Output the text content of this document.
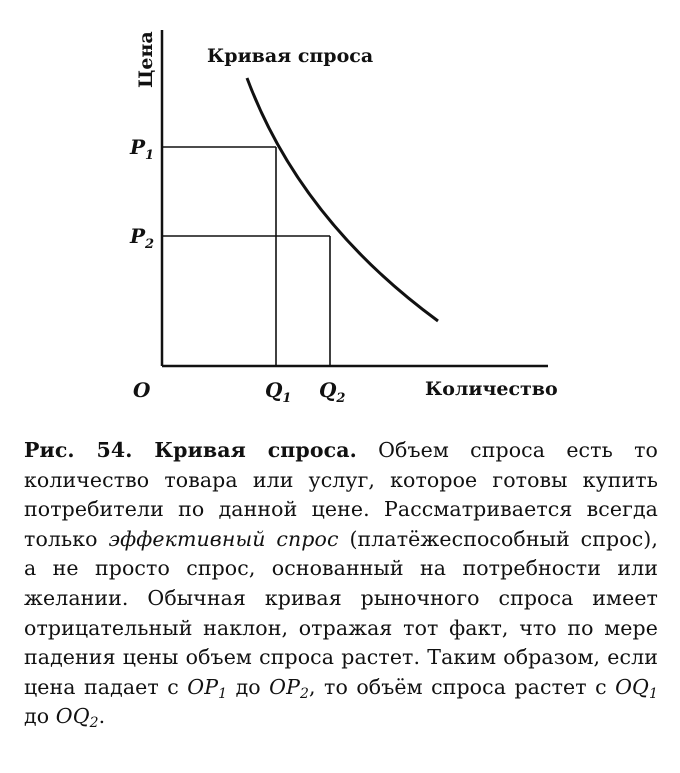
Цена	Кривая спроса
$P_1$
$P_2$
O	$Q_1$ $Q_2$	Количество
Рис. 54. Кривая спроса. Объем спроса есть то количество товара или услуг, которое готовы купить потребители по данной цене. Рассматривается всегда только эффективный спрос (платёжеспособный спрос), а не просто спрос, основанный на потребности или желании. Обычная кривая рыночного спроса имеет отрицательный наклон, отражая тот факт, что по мере падения цены объем спроса растет. Таким образом, если цена падает с OP1 до OP2, то объём спроса растет с OQ1 до OQ2.
